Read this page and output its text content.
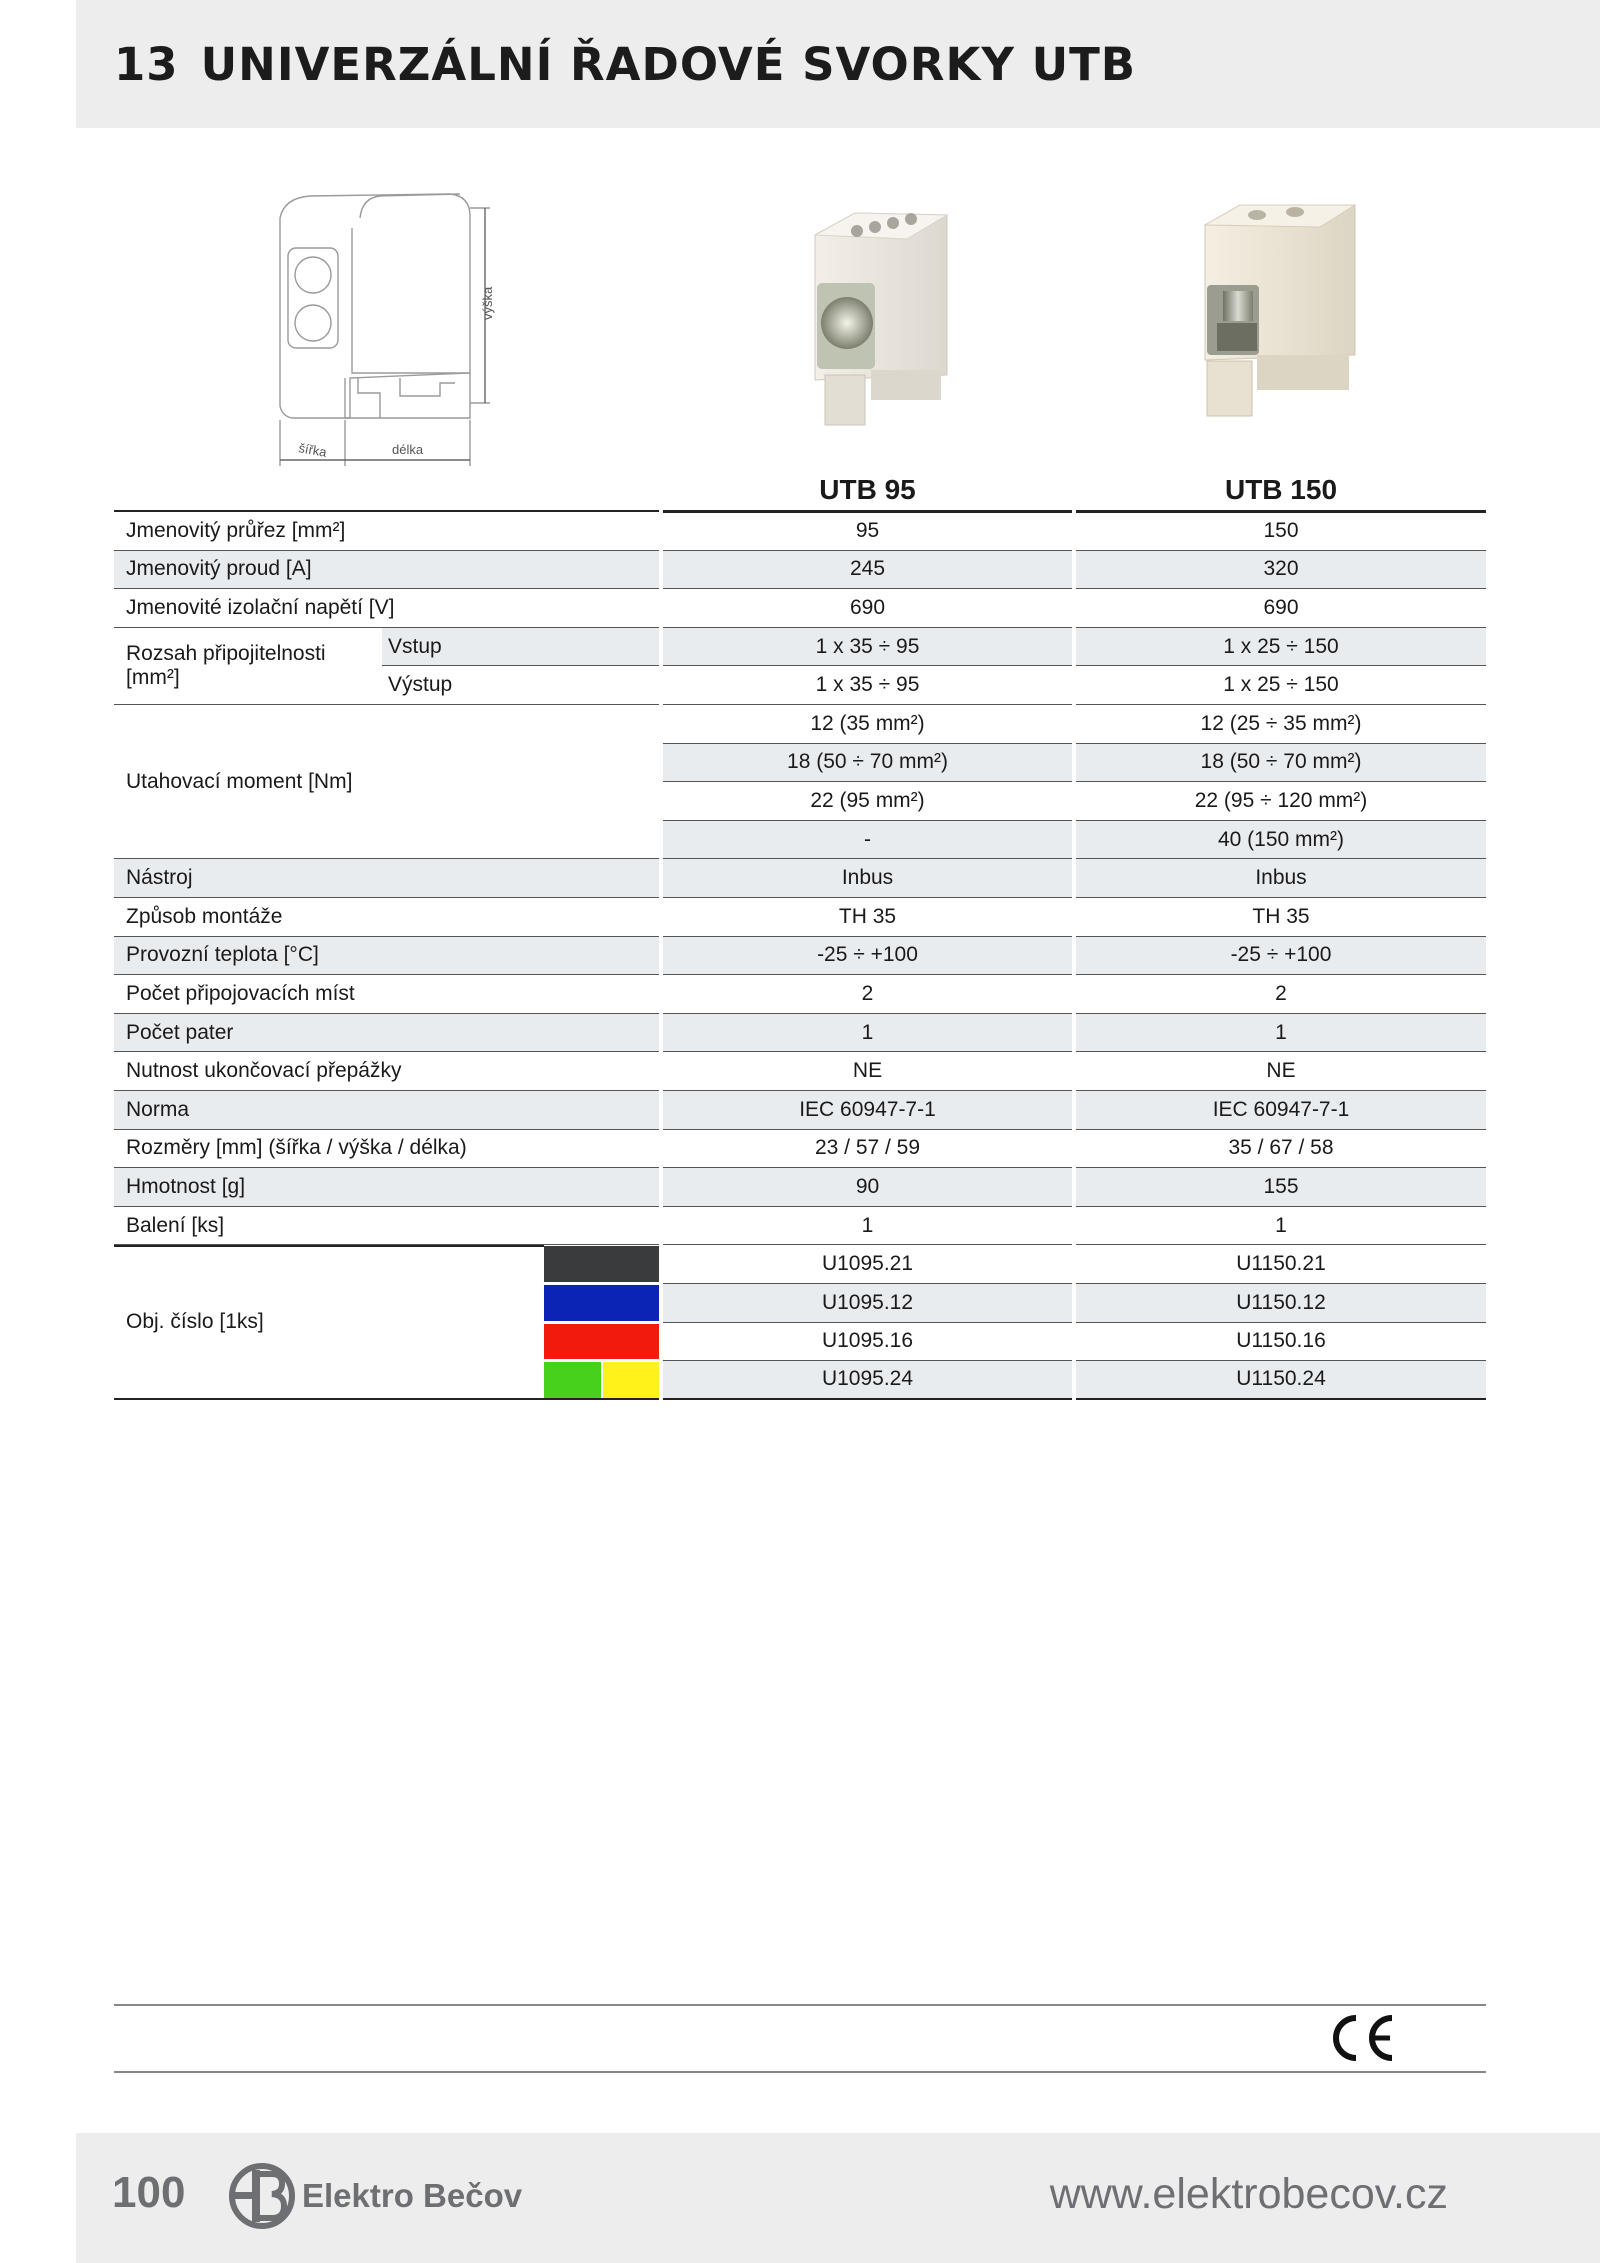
13 UNIVERZÁLNÍ ŘADOVÉ SVORKY UTB
výška
šířka	délka
UTB 95	UTB 150
Jmenovitý průřez [mm²]	95	150
Jmenovitý proud [A]	245	320
Jmenovité izolační napětí [V]	690	690
Rozsah připojitelnosti [mm²]
Vstup	1 x 35 ÷ 95	1 x 25 ÷ 150
Výstup	1 x 35 ÷ 95	1 x 25 ÷ 150
Utahovací moment [Nm]
12 (35 mm²)	12 (25 ÷ 35 mm²)
18 (50 ÷ 70 mm²)	18 (50 ÷ 70 mm²)
22 (95 mm²)	22 (95 ÷ 120 mm²)
-	40 (150 mm²)
Nástroj	Inbus	Inbus
Způsob montáže	TH 35	TH 35
Provozní teplota [°C]	-25 ÷ +100	-25 ÷ +100
Počet připojovacích míst	2	2
Počet pater	1	1
Nutnost ukončovací přepážky	NE	NE
Norma	IEC 60947-7-1	IEC 60947-7-1
Rozměry [mm] (šířka / výška / délka)	23 / 57 / 59	35 / 67 / 58
Hmotnost [g]	90	155
Balení [ks]	1	1
Obj. číslo [1ks]
U1095.21	U1150.21
U1095.12	U1150.12
U1095.16	U1150.16
U1095.24	U1150.24
100	Elektro Bečov	www.elektrobecov.cz
